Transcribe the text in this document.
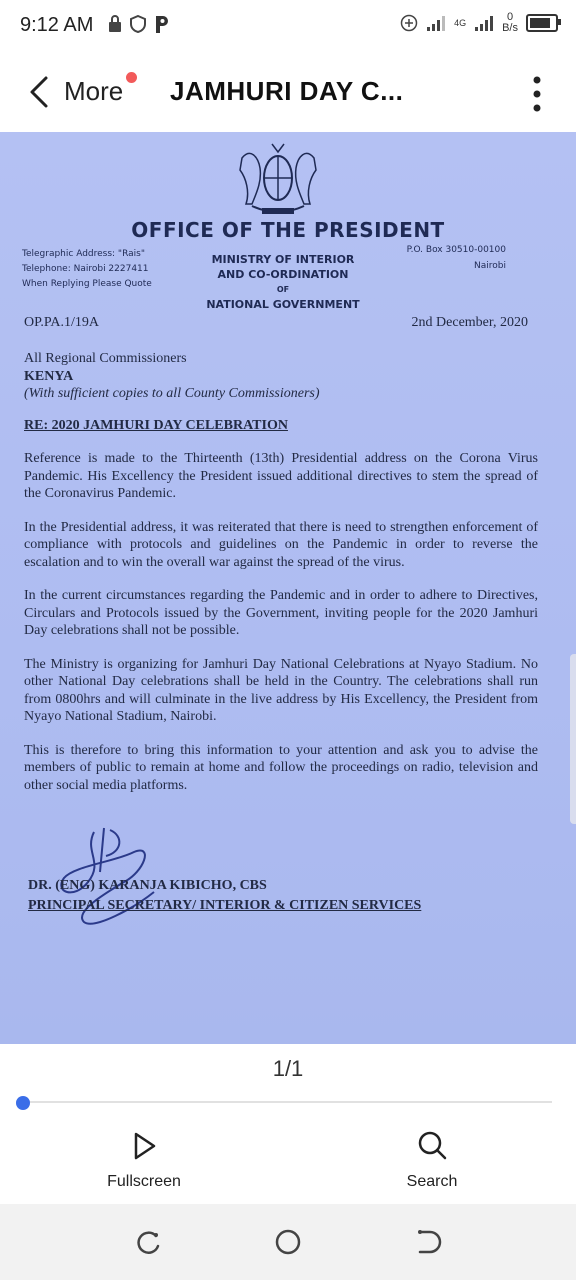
9:12 AM	4G	0
B/s
More JAMHURI DAY C...
OFFICE OF THE PRESIDENT
Telegraphic Address: "Rais"
Telephone: Nairobi 2227411
When Replying Please Quote
MINISTRY OF INTERIOR
AND CO-ORDINATION
OF
NATIONAL GOVERNMENT
P.O. Box 30510-00100
Nairobi
OP.PA.1/19A	2nd December, 2020
All Regional Commissioners
KENYA
(With sufficient copies to all County Commissioners)
RE: 2020 JAMHURI DAY CELEBRATION
Reference is made to the Thirteenth (13th) Presidential address on the Corona Virus Pandemic. His Excellency the President issued additional directives to stem the spread of the Coronavirus Pandemic.
In the Presidential address, it was reiterated that there is need to strengthen enforcement of compliance with protocols and guidelines on the Pandemic in order to reverse the escalation and to win the overall war against the spread of the virus.
In the current circumstances regarding the Pandemic and in order to adhere to Directives, Circulars and Protocols issued by the Government, inviting people for the 2020 Jamhuri Day celebrations shall not be possible.
The Ministry is organizing for Jamhuri Day National Celebrations at Nyayo Stadium. No other National Day celebrations shall be held in the Country. The celebrations shall run from 0800hrs and will culminate in the live address by His Excellency, the President from Nyayo National Stadium, Nairobi.
This is therefore to bring this information to your attention and ask you to advise the members of public to remain at home and follow the proceedings on radio, television and other social media platforms.
DR. (ENG) KARANJA KIBICHO, CBS
PRINCIPAL SECRETARY/ INTERIOR & CITIZEN SERVICES
1/1
Fullscreen	Search
